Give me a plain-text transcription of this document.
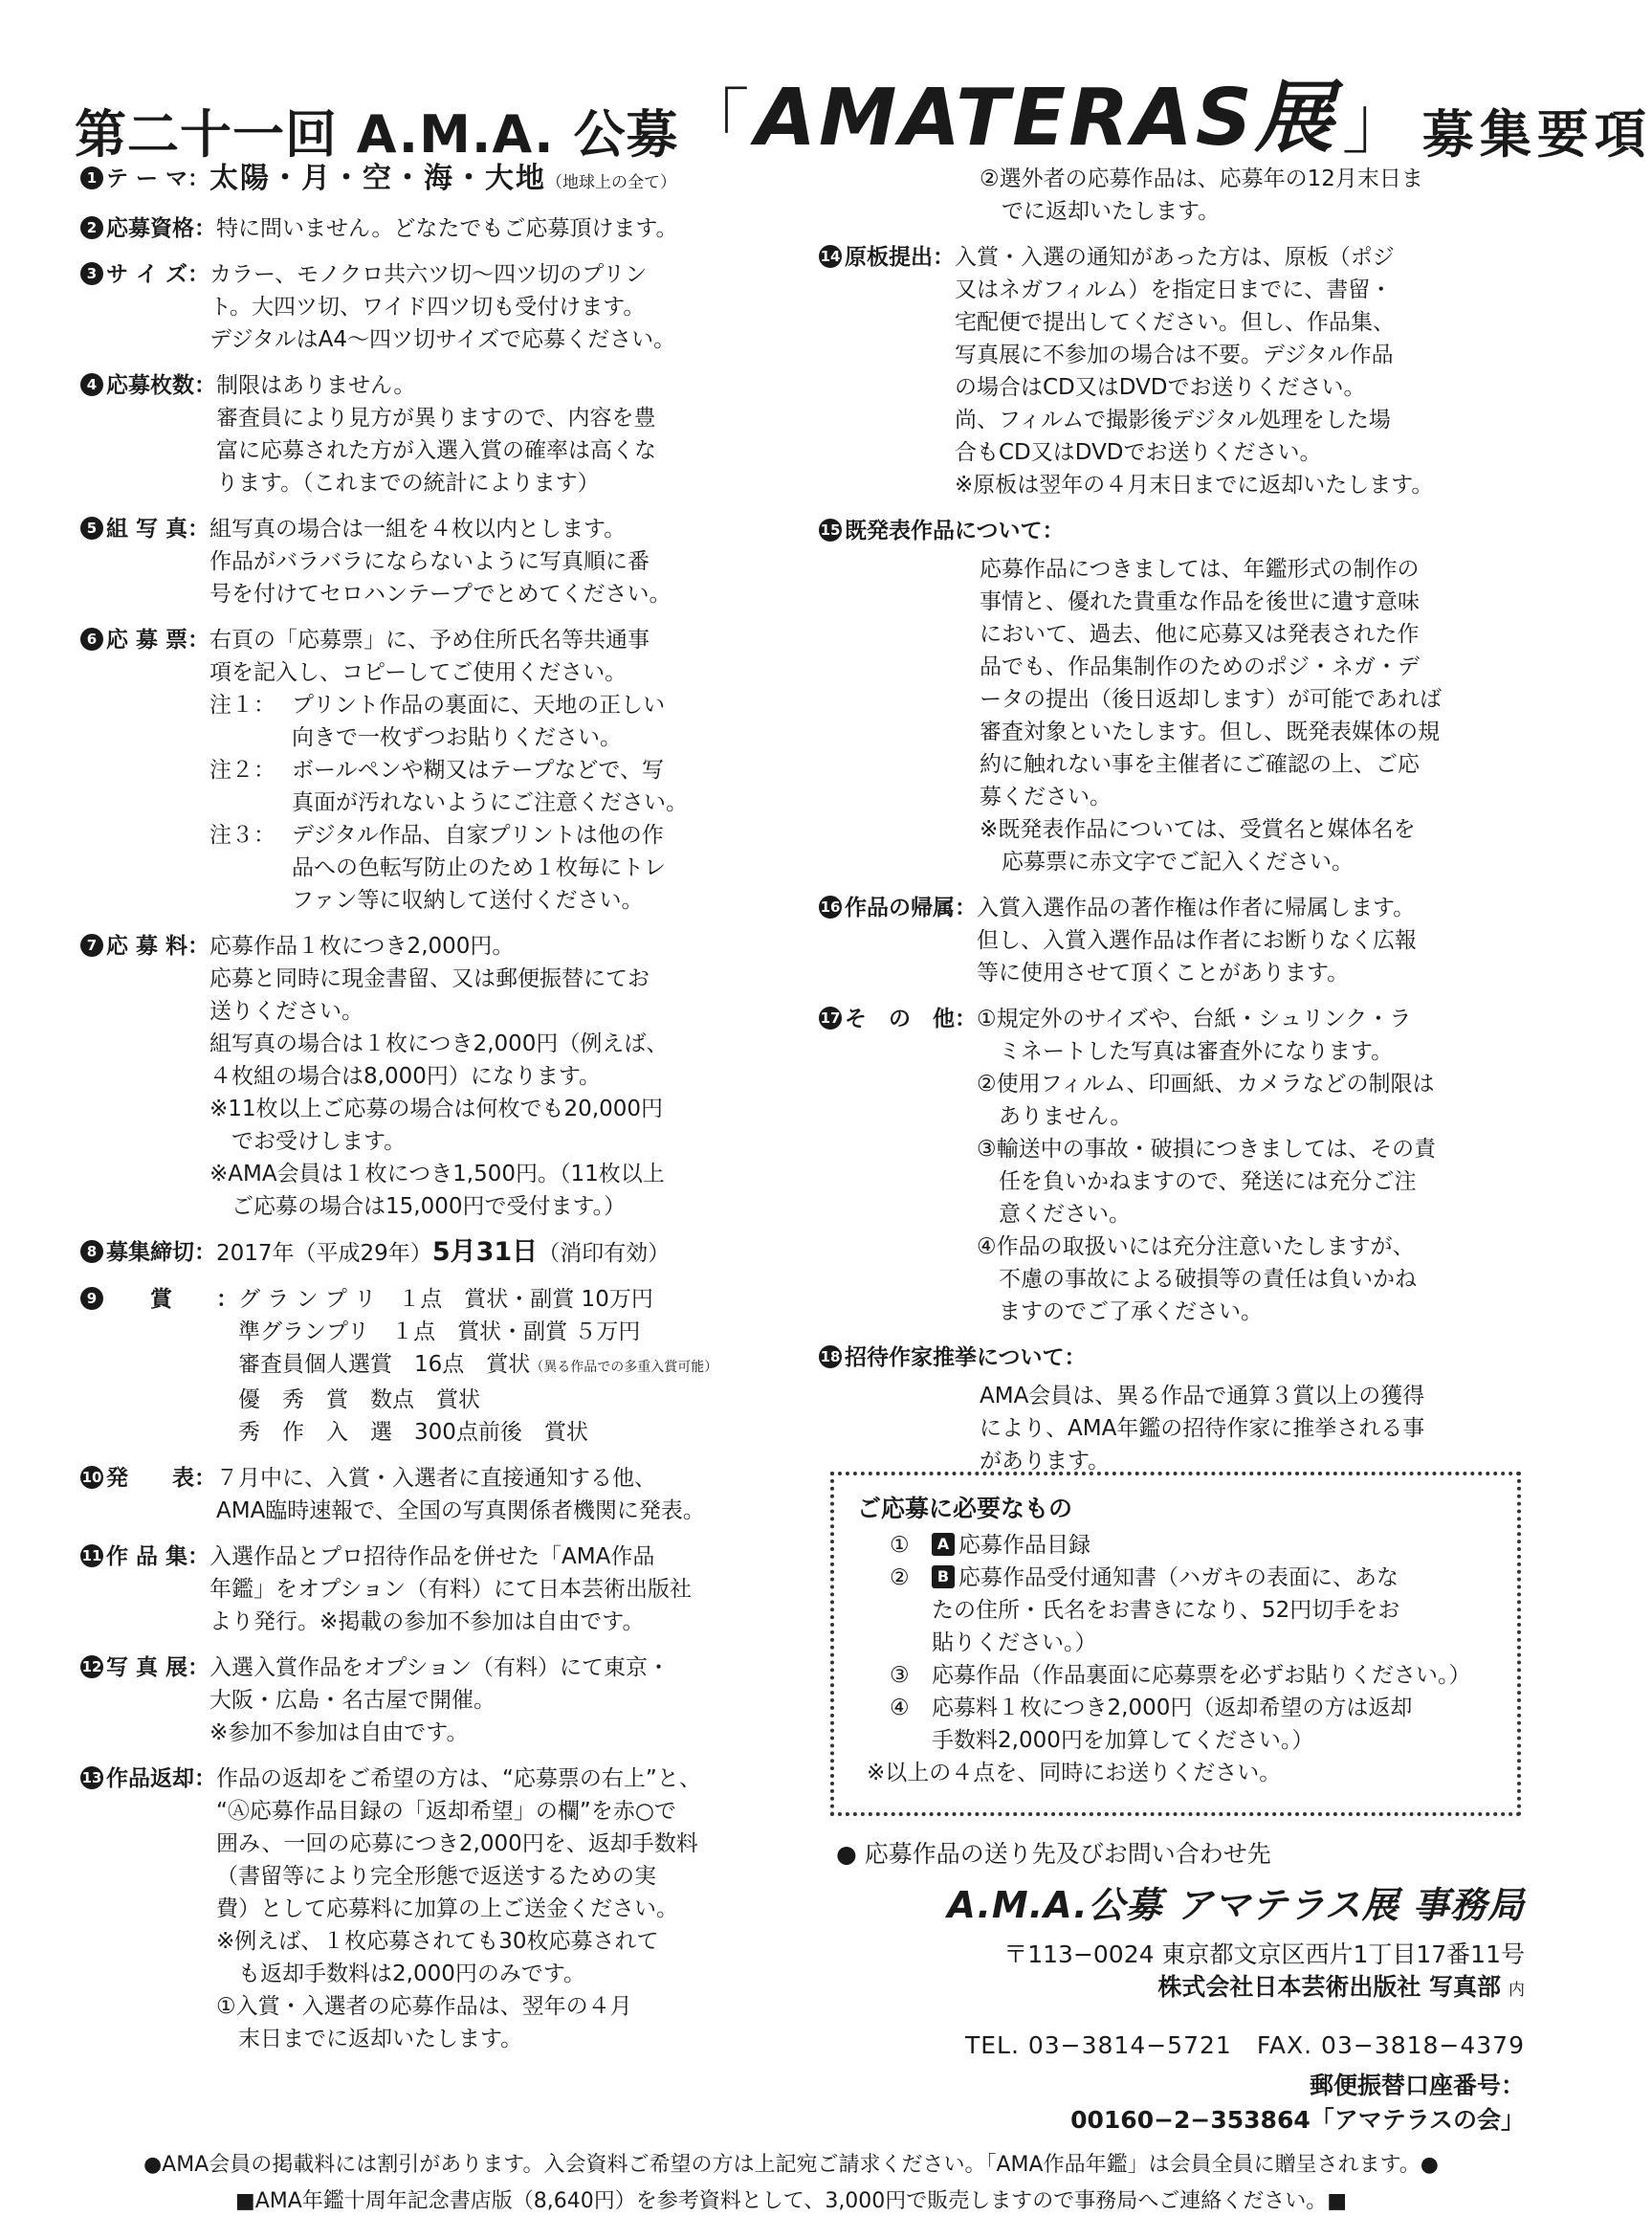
第二十一回 A.M.A. 公募「AMATERAS展」 募集要項
1 テ ー マ： 太陽・月・空・海・大地（地球上の全て）
2 応募資格： 特に問いません。どなたでもご応募頂けます。

3 サ イ ズ： カラー、モノクロ共六ツ切〜四ツ切のプリン

ト。大四ツ切、ワイド四ツ切も受付けます。

デジタルはA4〜四ツ切サイズで応募ください。

4 応募枚数： 制限はありません。

審査員により見方が異りますので、内容を豊

富に応募された方が入選入賞の確率は高くな

ります。（これまでの統計によります）

5 組 写 真： 組写真の場合は一組を４枚以内とします。

作品がバラバラにならないように写真順に番

号を付けてセロハンテープでとめてください。

6 応 募 票： 右頁の「応募票」に、予め住所氏名等共通事

項を記入し、コピーしてご使用ください。

注１： プリント作品の裏面に、天地の正しい

向きで一枚ずつお貼りください。

注２： ボールペンや糊又はテープなどで、写

真面が汚れないようにご注意ください。

注３： デジタル作品、自家プリントは他の作

品への色転写防止のため１枚毎にトレ

ファン等に収納して送付ください。

7 応 募 料： 応募作品１枚につき2,000円。

応募と同時に現金書留、又は郵便振替にてお

送りください。

組写真の場合は１枚につき2,000円（例えば、

４枚組の場合は8,000円）になります。

※11枚以上ご応募の場合は何枚でも20,000円

　でお受けします。

※AMA会員は１枚につき1,500円。（11枚以上

　ご応募の場合は15,000円で受付ます。）

8 募集締切： 2017年（平成29年）5月31日（消印有効）
9　　賞　　： グ ラ ン プ リ　 １点　 賞状・副賞 10万円

準グランプリ　 １点　 賞状・副賞 ５万円

審査員個人選賞　 16点　 賞状（異る作品での多重入賞可能）

優　秀　賞　 数点　 賞状

秀　作　入　選　 300点前後　 賞状

10 発　　表： ７月中に、入賞・入選者に直接通知する他、

AMA臨時速報で、全国の写真関係者機関に発表。

11 作 品 集： 入選作品とプロ招待作品を併せた「AMA作品

年鑑」をオプション（有料）にて日本芸術出版社

より発行。※掲載の参加不参加は自由です。

12 写 真 展： 入選入賞作品をオプション（有料）にて東京・

大阪・広島・名古屋で開催。

※参加不参加は自由です。

13 作品返却： 作品の返却をご希望の方は、“応募票の右上”と、

“Ⓐ応募作品目録の「返却希望」の欄”を赤○で

囲み、一回の応募につき2,000円を、返却手数料

（書留等により完全形態で返送するための実

費）として応募料に加算の上ご送金ください。

※例えば、１枚応募されても30枚応募されて

　も返却手数料は2,000円のみです。

①入賞・入選者の応募作品は、翌年の４月

　末日までに返却いたします。

②選外者の応募作品は、応募年の12月末日ま

　でに返却いたします。

14 原板提出： 入賞・入選の通知があった方は、原板（ポジ

又はネガフィルム）を指定日までに、書留・

宅配便で提出してください。但し、作品集、

写真展に不参加の場合は不要。デジタル作品

の場合はCD又はDVDでお送りください。

尚、フィルムで撮影後デジタル処理をした場

合もCD又はDVDでお送りください。

※原板は翌年の４月末日までに返却いたします。

15 既発表作品について：

応募作品につきましては、年鑑形式の制作の

事情と、優れた貴重な作品を後世に遺す意味

において、過去、他に応募又は発表された作

品でも、作品集制作のためのポジ・ネガ・デ

ータの提出（後日返却します）が可能であれば

審査対象といたします。但し、既発表媒体の規

約に触れない事を主催者にご確認の上、ご応

募ください。

※既発表作品については、受賞名と媒体名を

　応募票に赤文字でご記入ください。

16 作品の帰属： 入賞入選作品の著作権は作者に帰属します。

但し、入賞入選作品は作者にお断りなく広報

等に使用させて頂くことがあります。

17 そ　の　他： ①規定外のサイズや、台紙・シュリンク・ラ

　ミネートした写真は審査外になります。

②使用フィルム、印画紙、カメラなどの制限は

　ありません。

③輸送中の事故・破損につきましては、その責

　任を負いかねますので、発送には充分ご注

　意ください。

④作品の取扱いには充分注意いたしますが、

　不慮の事故による破損等の責任は負いかね

　ますのでご了承ください。

18 招待作家推挙について：

AMA会員は、異る作品で通算３賞以上の獲得

により、AMA年鑑の招待作家に推挙される事

があります。

ご応募に必要なもの
①	A 応募作品目録
②	B 応募作品受付通知書（ハガキの表面に、あな
たの住所・氏名をお書きになり、52円切手をお
貼りください。）
③	応募作品（作品裏面に応募票を必ずお貼りください。）
④	応募料１枚につき2,000円（返却希望の方は返却
手数料2,000円を加算してください。）
※以上の４点を、同時にお送りください。
● 応募作品の送り先及びお問い合わせ先
A.M.A.公募 アマテラス展 事務局
〒113−0024 東京都文京区西片1丁目17番11号
株式会社日本芸術出版社 写真部 内
TEL. 03−3814−5721　 FAX. 03−3818−4379
郵便振替口座番号：00160−2−353864「アマテラスの会」
●AMA会員の掲載料には割引があります。入会資料ご希望の方は上記宛ご請求ください。「AMA作品年鑑」は会員全員に贈呈されます。●
■AMA年鑑十周年記念書店版（8,640円）を参考資料として、3,000円で販売しますので事務局へご連絡ください。■
